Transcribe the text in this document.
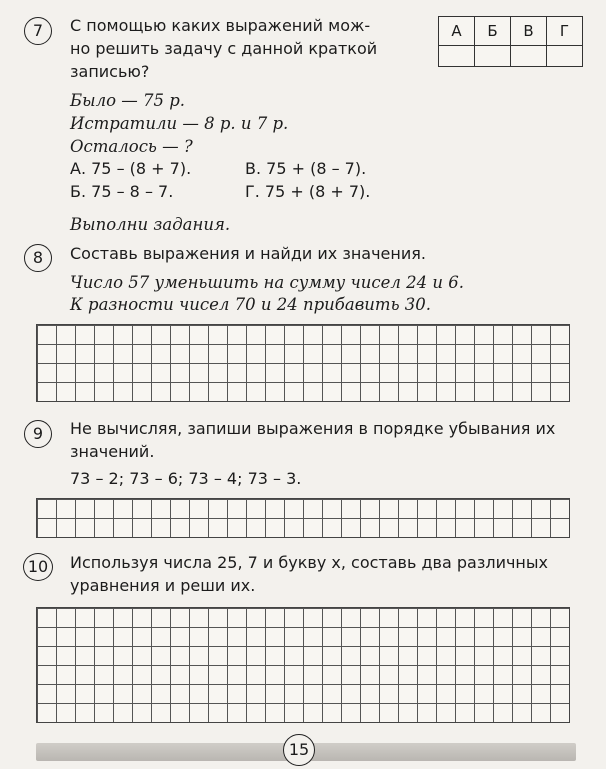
7	С помощью каких выражений мож-
но решить задачу с данной краткой
записью?
А	Б	В	Г

Было — 75 р.
Истратили — 8 р. и 7 р.
Осталось — ?
А. 75 – (8 + 7).	В. 75 + (8 – 7).
Б. 75 – 8 – 7.	Г. 75 + (8 + 7).
Выполни задания.
8	Составь выражения и найди их значения.
Число 57 уменьшить на сумму чисел 24 и 6.
К разности чисел 70 и 24 прибавить 30.
9	Не вычисляя, запиши выражения в порядке убывания их
значений.
73 – 2; 73 – 6; 73 – 4; 73 – 3.
10	Используя числа 25, 7 и букву x, составь два различных
уравнения и реши их.
15
